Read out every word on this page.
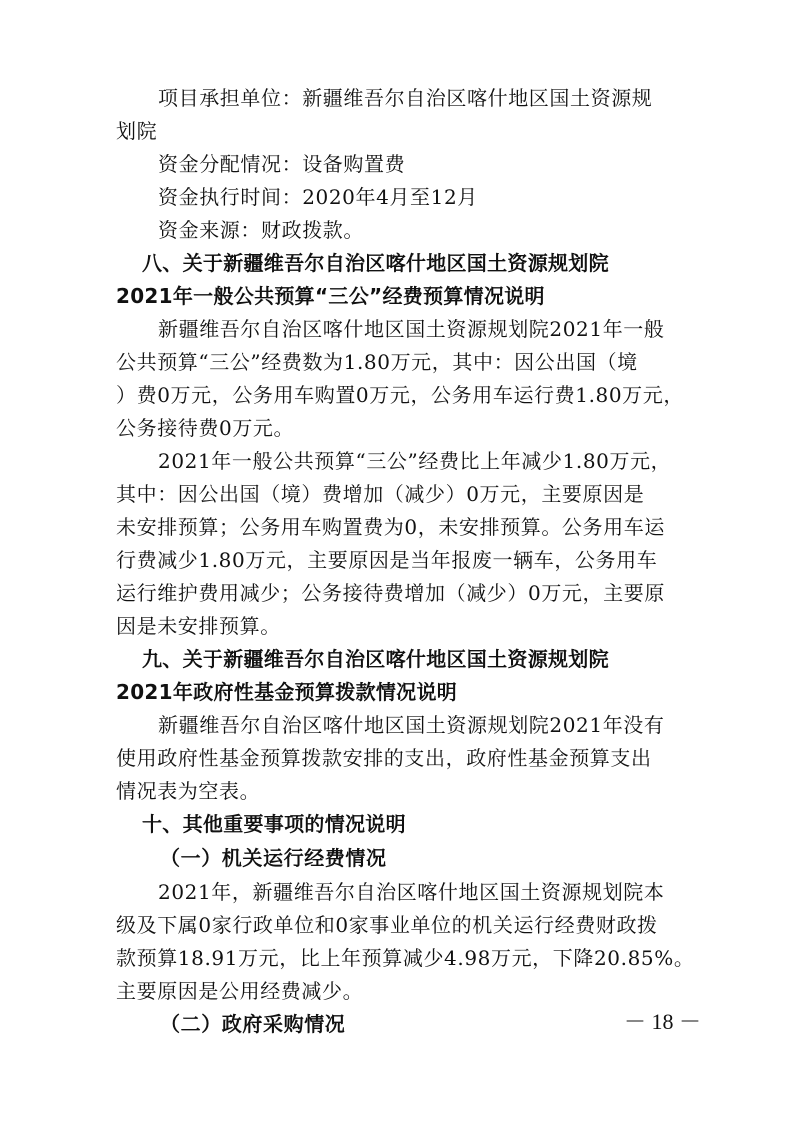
项目承担单位：新疆维吾尔自治区喀什地区国土资源规
划院
资金分配情况：设备购置费
资金执行时间：2020年4月至12月
资金来源：财政拨款。
八、关于新疆维吾尔自治区喀什地区国土资源规划院
2021年一般公共预算“三公”经费预算情况说明
新疆维吾尔自治区喀什地区国土资源规划院2021年一般
公共预算“三公”经费数为1.80万元，其中：因公出国（境
）费0万元，公务用车购置0万元，公务用车运行费1.80万元，
公务接待费0万元。
2021年一般公共预算“三公”经费比上年减少1.80万元，
其中：因公出国（境）费增加（减少）0万元，主要原因是
未安排预算；公务用车购置费为0，未安排预算。公务用车运
行费减少1.80万元，主要原因是当年报废一辆车，公务用车
运行维护费用减少；公务接待费增加（减少）0万元，主要原
因是未安排预算。
九、关于新疆维吾尔自治区喀什地区国土资源规划院
2021年政府性基金预算拨款情况说明
新疆维吾尔自治区喀什地区国土资源规划院2021年没有
使用政府性基金预算拨款安排的支出，政府性基金预算支出
情况表为空表。
十、其他重要事项的情况说明
（一）机关运行经费情况
2021年，新疆维吾尔自治区喀什地区国土资源规划院本
级及下属0家行政单位和0家事业单位的机关运行经费财政拨
款预算18.91万元，比上年预算减少4.98万元，下降20.85%。
主要原因是公用经费减少。
（二）政府采购情况	－ 18 －
